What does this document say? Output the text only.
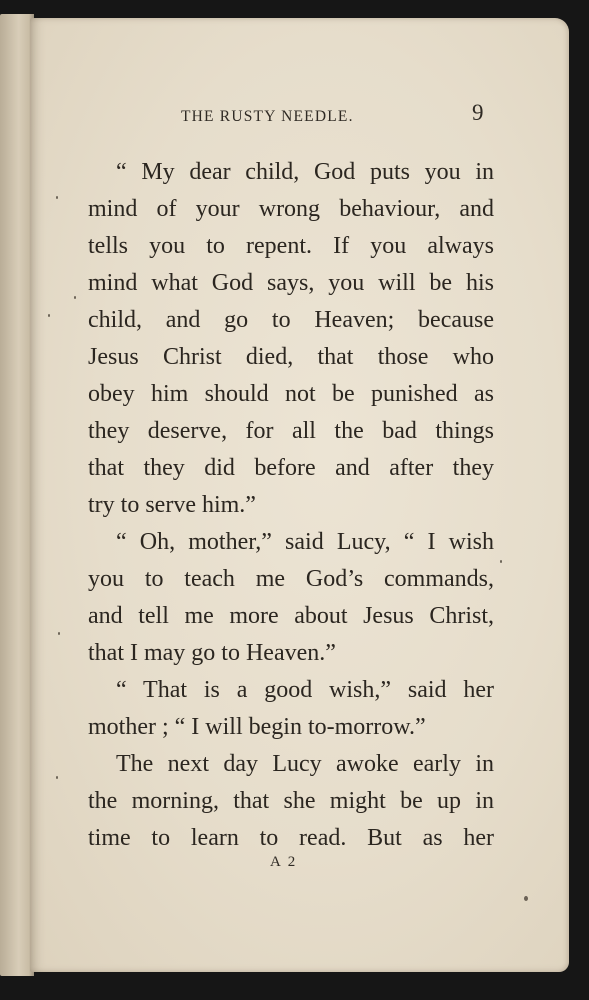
THE RUSTY NEEDLE.	9
“ My dear child, God puts you in
mind of your wrong behaviour, and
tells you to repent. If you always
mind what God says, you will be his
child, and go to Heaven; because
Jesus Christ died, that those who
obey him should not be punished as
they deserve, for all the bad things
that they did before and after they
try to serve him.”
“ Oh, mother,” said Lucy, “ I wish
you to teach me God’s commands,
and tell me more about Jesus Christ,
that I may go to Heaven.”
“ That is a good wish,” said her
mother ; “ I will begin to-morrow.”
The next day Lucy awoke early in
the morning, that she might be up in
time to learn to read. But as her
A 2
